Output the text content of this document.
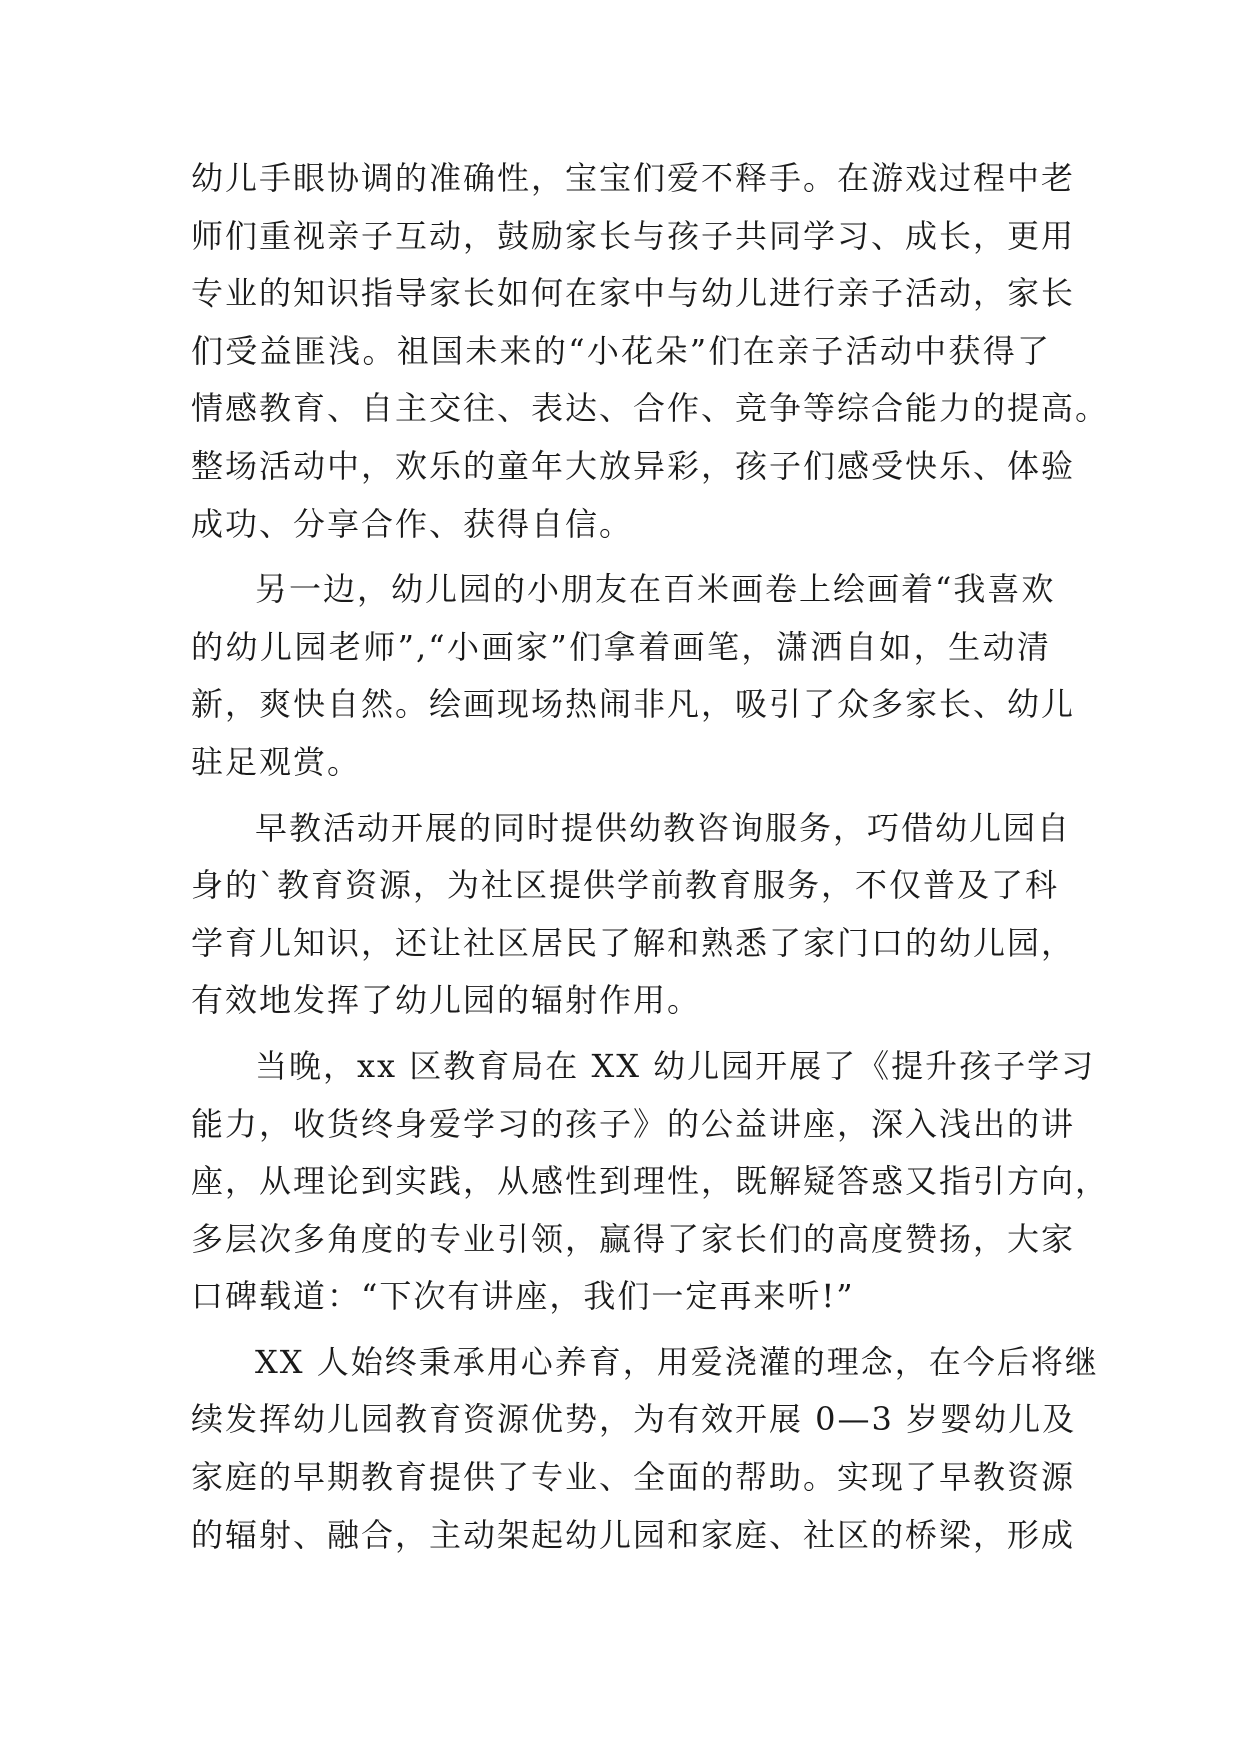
幼儿手眼协调的准确性，宝宝们爱不释手。在游戏过程中老
师们重视亲子互动，鼓励家长与孩子共同学习、成长，更用
专业的知识指导家长如何在家中与幼儿进行亲子活动，家长
们受益匪浅。祖国未来的“小花朵”们在亲子活动中获得了
情感教育、自主交往、表达、合作、竞争等综合能力的提高。
整场活动中，欢乐的童年大放异彩，孩子们感受快乐、体验
成功、分享合作、获得自信。
另一边，幼儿园的小朋友在百米画卷上绘画着“我喜欢
的幼儿园老师”,“小画家”们拿着画笔，潇洒自如，生动清
新，爽快自然。绘画现场热闹非凡，吸引了众多家长、幼儿
驻足观赏。
早教活动开展的同时提供幼教咨询服务，巧借幼儿园自
身的`教育资源，为社区提供学前教育服务，不仅普及了科
学育儿知识，还让社区居民了解和熟悉了家门口的幼儿园，
有效地发挥了幼儿园的辐射作用。
当晚，xx 区教育局在 XX 幼儿园开展了《提升孩子学习
能力，收货终身爱学习的孩子》的公益讲座，深入浅出的讲
座，从理论到实践，从感性到理性，既解疑答惑又指引方向，
多层次多角度的专业引领，赢得了家长们的高度赞扬，大家
口碑载道：“下次有讲座，我们一定再来听!”
XX 人始终秉承用心养育，用爱浇灌的理念，在今后将继
续发挥幼儿园教育资源优势，为有效开展 0—3 岁婴幼儿及
家庭的早期教育提供了专业、全面的帮助。实现了早教资源
的辐射、融合，主动架起幼儿园和家庭、社区的桥梁，形成
